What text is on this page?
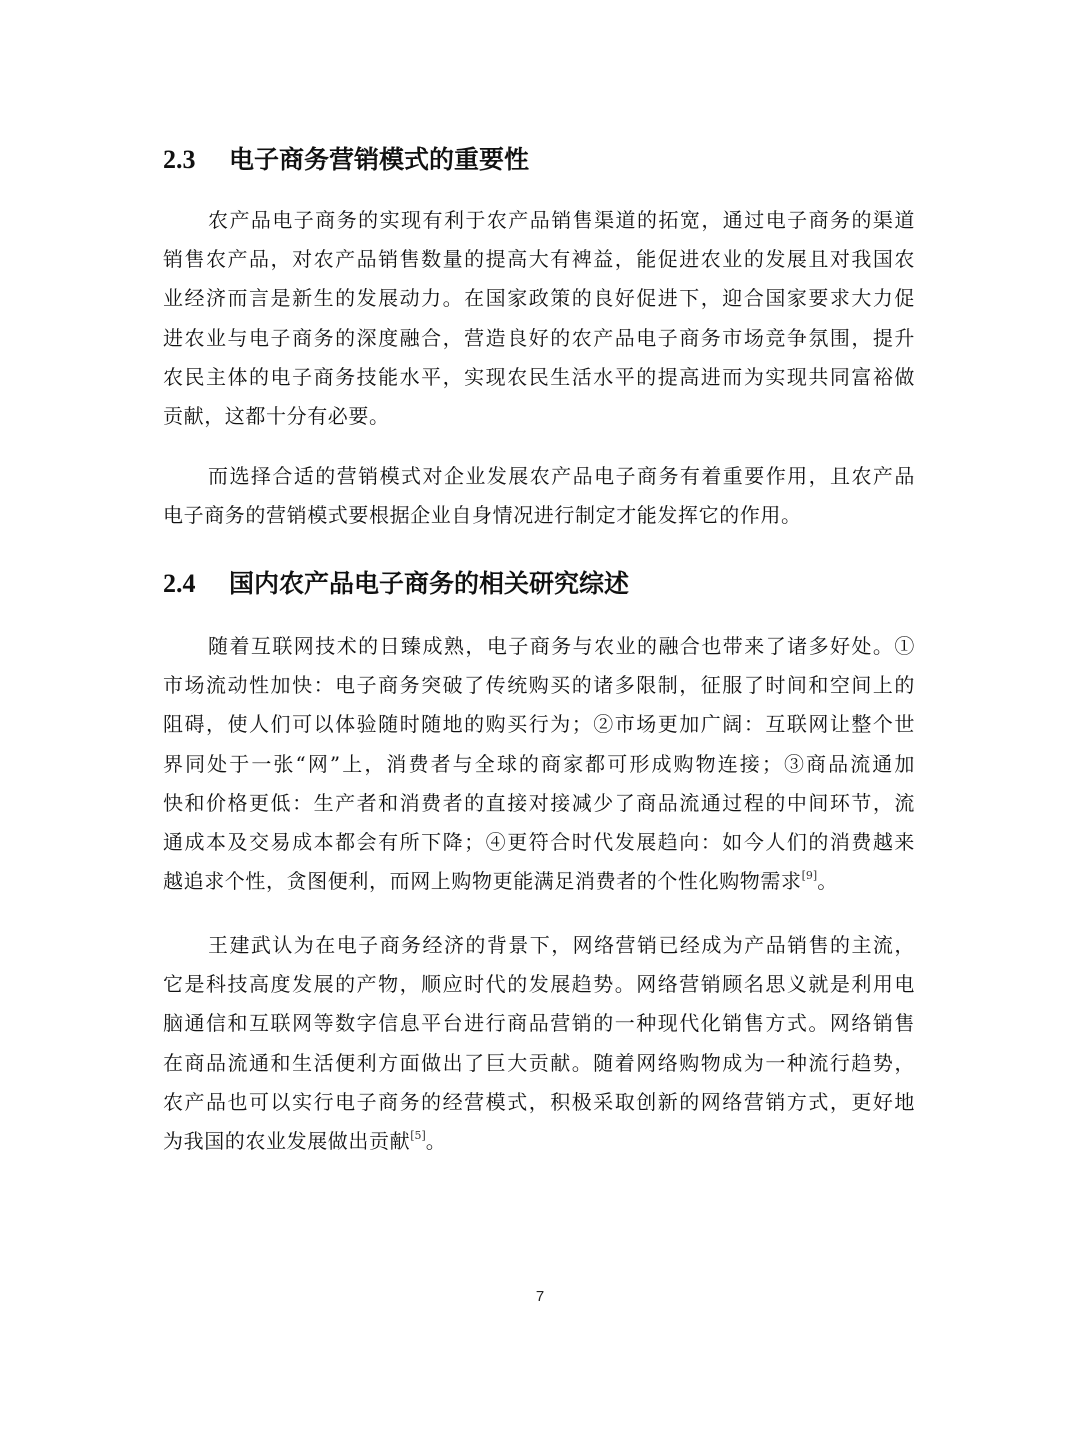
2.3 电子商务营销模式的重要性
农产品电子商务的实现有利于农产品销售渠道的拓宽，通过电子商务的渠道
销售农产品，对农产品销售数量的提高大有裨益，能促进农业的发展且对我国农
业经济而言是新生的发展动力。在国家政策的良好促进下，迎合国家要求大力促
进农业与电子商务的深度融合，营造良好的农产品电子商务市场竞争氛围，提升
农民主体的电子商务技能水平，实现农民生活水平的提高进而为实现共同富裕做
贡献，这都十分有必要。
而选择合适的营销模式对企业发展农产品电子商务有着重要作用，且农产品
电子商务的营销模式要根据企业自身情况进行制定才能发挥它的作用。
2.4 国内农产品电子商务的相关研究综述
随着互联网技术的日臻成熟，电子商务与农业的融合也带来了诸多好处。①
市场流动性加快：电子商务突破了传统购买的诸多限制，征服了时间和空间上的
阻碍，使人们可以体验随时随地的购买行为；②市场更加广阔：互联网让整个世
界同处于一张“网”上，消费者与全球的商家都可形成购物连接；③商品流通加
快和价格更低：生产者和消费者的直接对接减少了商品流通过程的中间环节，流
通成本及交易成本都会有所下降；④更符合时代发展趋向：如今人们的消费越来
越追求个性，贪图便利，而网上购物更能满足消费者的个性化购物需求[9]。
王建武认为在电子商务经济的背景下，网络营销已经成为产品销售的主流，
它是科技高度发展的产物，顺应时代的发展趋势。网络营销顾名思义就是利用电
脑通信和互联网等数字信息平台进行商品营销的一种现代化销售方式。网络销售
在商品流通和生活便利方面做出了巨大贡献。随着网络购物成为一种流行趋势，
农产品也可以实行电子商务的经营模式，积极采取创新的网络营销方式，更好地
为我国的农业发展做出贡献[5]。
7
